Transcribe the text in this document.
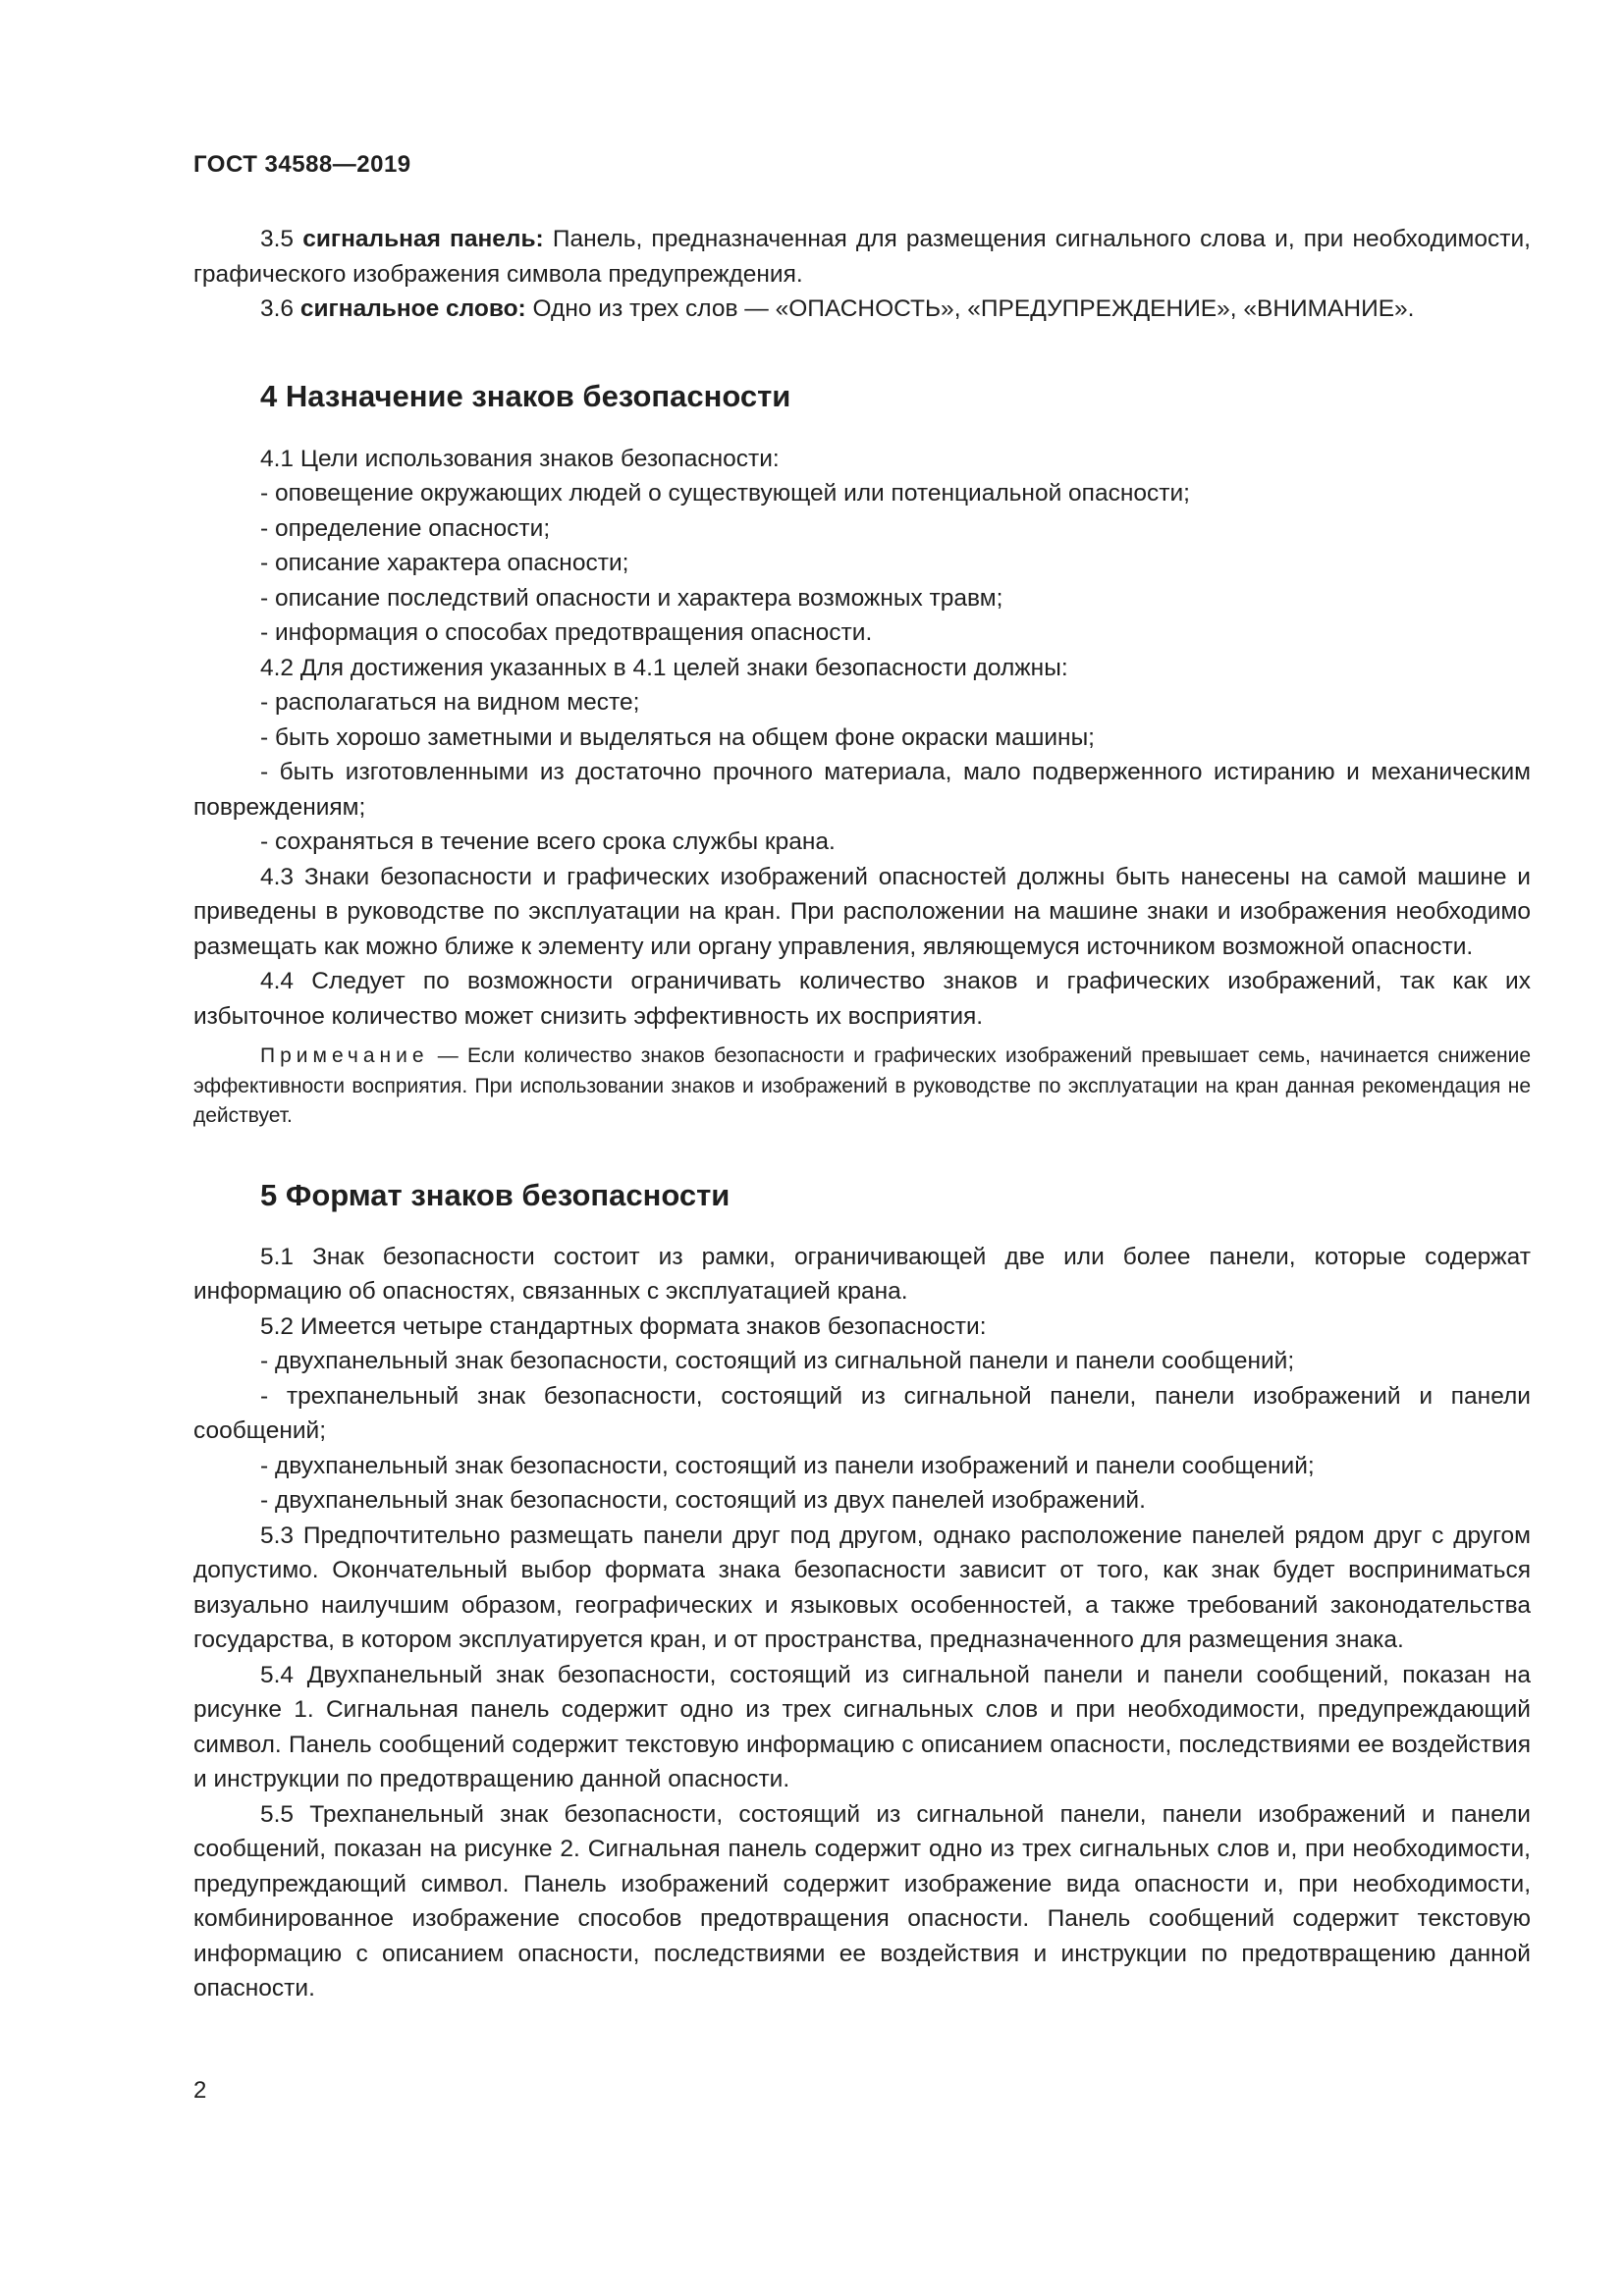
ГОСТ 34588—2019

3.5 сигнальная панель: Панель, предназначенная для размещения сигнального слова и, при необходимости, графического изображения символа предупреждения.

3.6 сигнальное слово: Одно из трех слов — «ОПАСНОСТЬ», «ПРЕДУПРЕЖДЕНИЕ», «ВНИМАНИЕ».

4 Назначение знаков безопасности

4.1 Цели использования знаков безопасности:

- оповещение окружающих людей о существующей или потенциальной опасности;

- определение опасности;

- описание характера опасности;

- описание последствий опасности и характера возможных травм;

- информация о способах предотвращения опасности.

4.2 Для достижения указанных в 4.1 целей знаки безопасности должны:

- располагаться на видном месте;

- быть хорошо заметными и выделяться на общем фоне окраски машины;

- быть изготовленными из достаточно прочного материала, мало подверженного истиранию и механическим повреждениям;

- сохраняться в течение всего срока службы крана.

4.3 Знаки безопасности и графических изображений опасностей должны быть нанесены на самой машине и приведены в руководстве по эксплуатации на кран. При расположении на машине знаки и изображения необходимо размещать как можно ближе к элементу или органу управления, являющемуся источником возможной опасности.

4.4 Следует по возможности ограничивать количество знаков и графических изображений, так как их избыточное количество может снизить эффективность их восприятия.

Примечание — Если количество знаков безопасности и графических изображений превышает семь, начинается снижение эффективности восприятия. При использовании знаков и изображений в руководстве по эксплуатации на кран данная рекомендация не действует.

5 Формат знаков безопасности

5.1 Знак безопасности состоит из рамки, ограничивающей две или более панели, которые содержат информацию об опасностях, связанных с эксплуатацией крана.

5.2 Имеется четыре стандартных формата знаков безопасности:

- двухпанельный знак безопасности, состоящий из сигнальной панели и панели сообщений;

- трехпанельный знак безопасности, состоящий из сигнальной панели, панели изображений и панели сообщений;

- двухпанельный знак безопасности, состоящий из панели изображений и панели сообщений;

- двухпанельный знак безопасности, состоящий из двух панелей изображений.

5.3 Предпочтительно размещать панели друг под другом, однако расположение панелей рядом друг с другом допустимо. Окончательный выбор формата знака безопасности зависит от того, как знак будет восприниматься визуально наилучшим образом, географических и языковых особенностей, а также требований законодательства государства, в котором эксплуатируется кран, и от пространства, предназначенного для размещения знака.

5.4 Двухпанельный знак безопасности, состоящий из сигнальной панели и панели сообщений, показан на рисунке 1. Сигнальная панель содержит одно из трех сигнальных слов и при необходимости, предупреждающий символ. Панель сообщений содержит текстовую информацию с описанием опасности, последствиями ее воздействия и инструкции по предотвращению данной опасности.

5.5 Трехпанельный знак безопасности, состоящий из сигнальной панели, панели изображений и панели сообщений, показан на рисунке 2. Сигнальная панель содержит одно из трех сигнальных слов и, при необходимости, предупреждающий символ. Панель изображений содержит изображение вида опасности и, при необходимости, комбинированное изображение способов предотвращения опасности. Панель сообщений содержит текстовую информацию с описанием опасности, последствиями ее воздействия и инструкции по предотвращению данной опасности.

2
